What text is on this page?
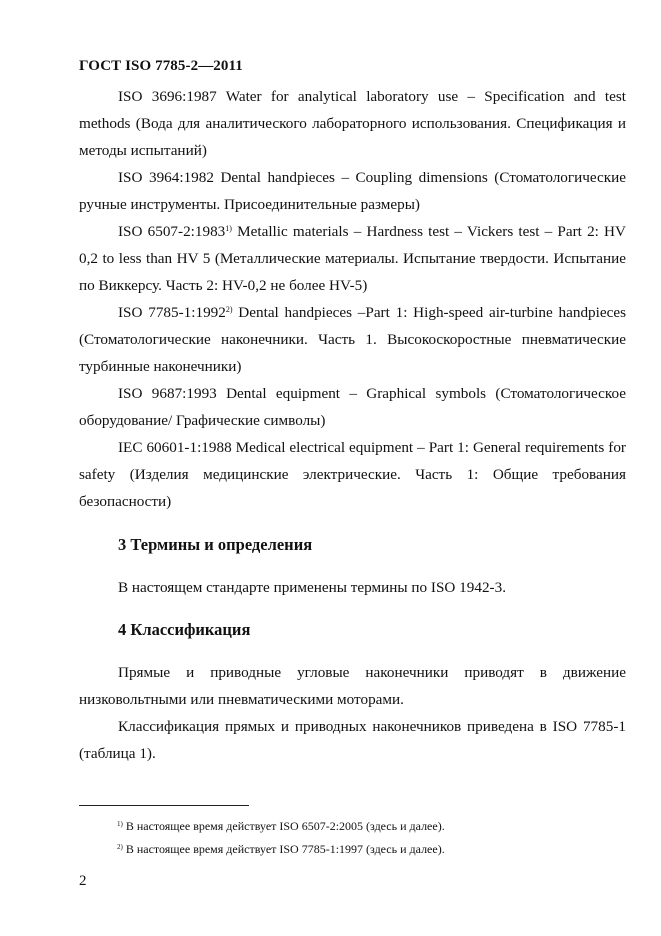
ГОСТ ISO 7785-2—2011

ISO 3696:1987 Water for analytical laboratory use – Specification and test methods (Вода для аналитического лабораторного использования. Спецификация и методы испытаний)

ISO 3964:1982 Dental handpieces – Coupling dimensions (Стоматологические ручные инструменты. Присоединительные размеры)

ISO 6507-2:1983$^{1)}$ Metallic materials – Hardness test – Vickers test – Part 2: HV 0,2 to less than HV 5 (Металлические материалы. Испытание твердости. Испытание по Виккерсу. Часть 2: HV-0,2 не более HV-5)

ISO 7785-1:1992$^{2)}$ Dental handpieces –Part 1: High-speed air-turbine handpieces (Стоматологические наконечники. Часть 1. Высокоскоростные пневматические турбинные наконечники)

ISO 9687:1993 Dental equipment – Graphical symbols (Стоматологическое оборудование/ Графические символы)

IEC 60601-1:1988 Medical electrical equipment – Part 1: General requirements for safety (Изделия медицинские электрические. Часть 1: Общие требования безопасности)

3 Термины и определения

В настоящем стандарте применены термины по ISO 1942-3.

4 Классификация

Прямые и приводные угловые наконечники приводят в движение низковольтными или пневматическими моторами.

Классификация прямых и приводных наконечников приведена в ISO 7785-1 (таблица 1).

$^{1)}$ В настоящее время действует ISO 6507-2:2005 (здесь и далее).
$^{2)}$ В настоящее время действует ISO 7785-1:1997 (здесь и далее).
2
